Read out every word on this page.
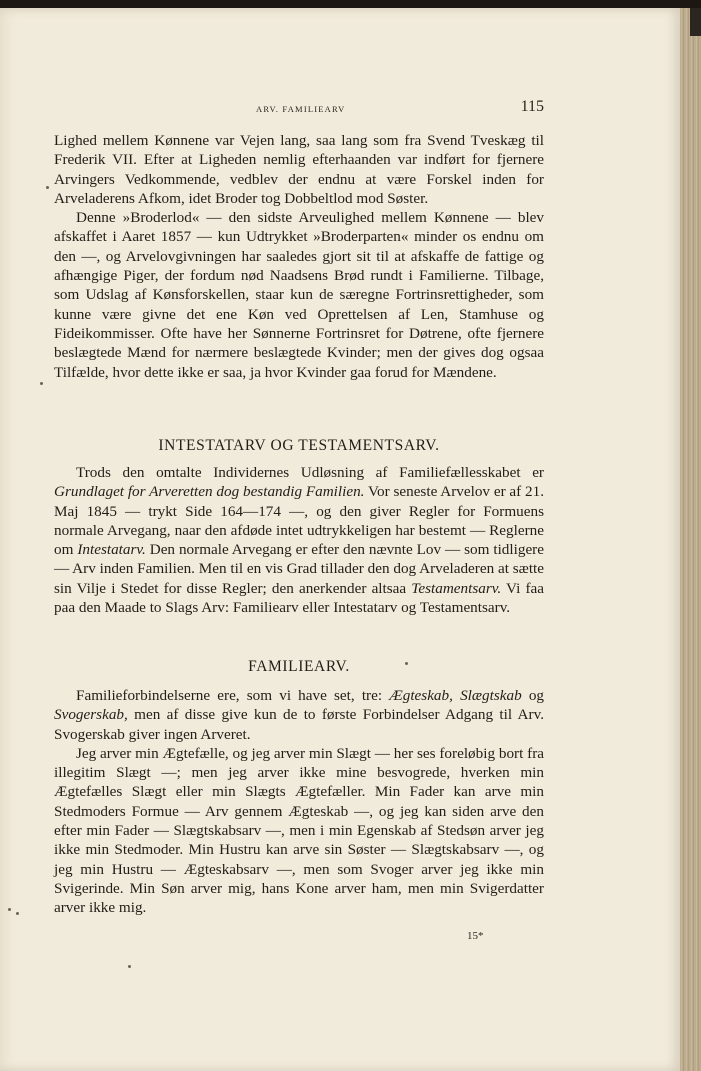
ARV. FAMILIEARV	115

Lighed mellem Kønnene var Vejen lang, saa lang som fra Svend Tveskæg til Frederik VII. Efter at Ligheden nemlig efterhaanden var indført for fjernere Arvingers Vedkommende, vedblev der endnu at være Forskel inden for Arveladerens Afkom, idet Broder tog Dobbeltlod mod Søster.

Denne »Broderlod« — den sidste Arveulighed mellem Kønnene — blev afskaffet i Aaret 1857 — kun Udtrykket »Broderparten« minder os endnu om den —, og Arvelovgivningen har saaledes gjort sit til at afskaffe de fattige og afhængige Piger, der fordum nød Naadsens Brød rundt i Familierne. Tilbage, som Udslag af Kønsforskellen, staar kun de særegne Fortrinsrettigheder, som kunne være givne det ene Køn ved Oprettelsen af Len, Stamhuse og Fideikommisser. Ofte have her Sønnerne Fortrinsret for Døtrene, ofte fjernere beslægtede Mænd for nærmere beslægtede Kvinder; men der gives dog ogsaa Tilfælde, hvor dette ikke er saa, ja hvor Kvinder gaa forud for Mændene.

INTESTATARV OG TESTAMENTSARV.

Trods den omtalte Individernes Udløsning af Familiefællesskabet er Grundlaget for Arveretten dog bestandig Familien. Vor seneste Arvelov er af 21. Maj 1845 — trykt Side 164—174 —, og den giver Regler for Formuens normale Arvegang, naar den afdøde intet udtrykkeligen har bestemt — Reglerne om Intestatarv. Den normale Arvegang er efter den nævnte Lov — som tidligere — Arv inden Familien. Men til en vis Grad tillader den dog Arveladeren at sætte sin Vilje i Stedet for disse Regler; den anerkender altsaa Testamentsarv. Vi faa paa den Maade to Slags Arv: Familiearv eller Intestatarv og Testamentsarv.

FAMILIEARV.

Familieforbindelserne ere, som vi have set, tre: Ægteskab, Slægtskab og Svogerskab, men af disse give kun de to første Forbindelser Adgang til Arv. Svogerskab giver ingen Arveret.

Jeg arver min Ægtefælle, og jeg arver min Slægt — her ses foreløbig bort fra illegitim Slægt —; men jeg arver ikke mine besvogrede, hverken min Ægtefælles Slægt eller min Slægts Ægtefæller. Min Fader kan arve min Stedmoders Formue — Arv gennem Ægteskab —, og jeg kan siden arve den efter min Fader — Slægtskabsarv —, men i min Egenskab af Stedsøn arver jeg ikke min Stedmoder. Min Hustru kan arve sin Søster — Slægtskabsarv —, og jeg min Hustru — Ægteskabsarv —, men som Svoger arver jeg ikke min Svigerinde. Min Søn arver mig, hans Kone arver ham, men min Svigerdatter arver ikke mig.

15*
